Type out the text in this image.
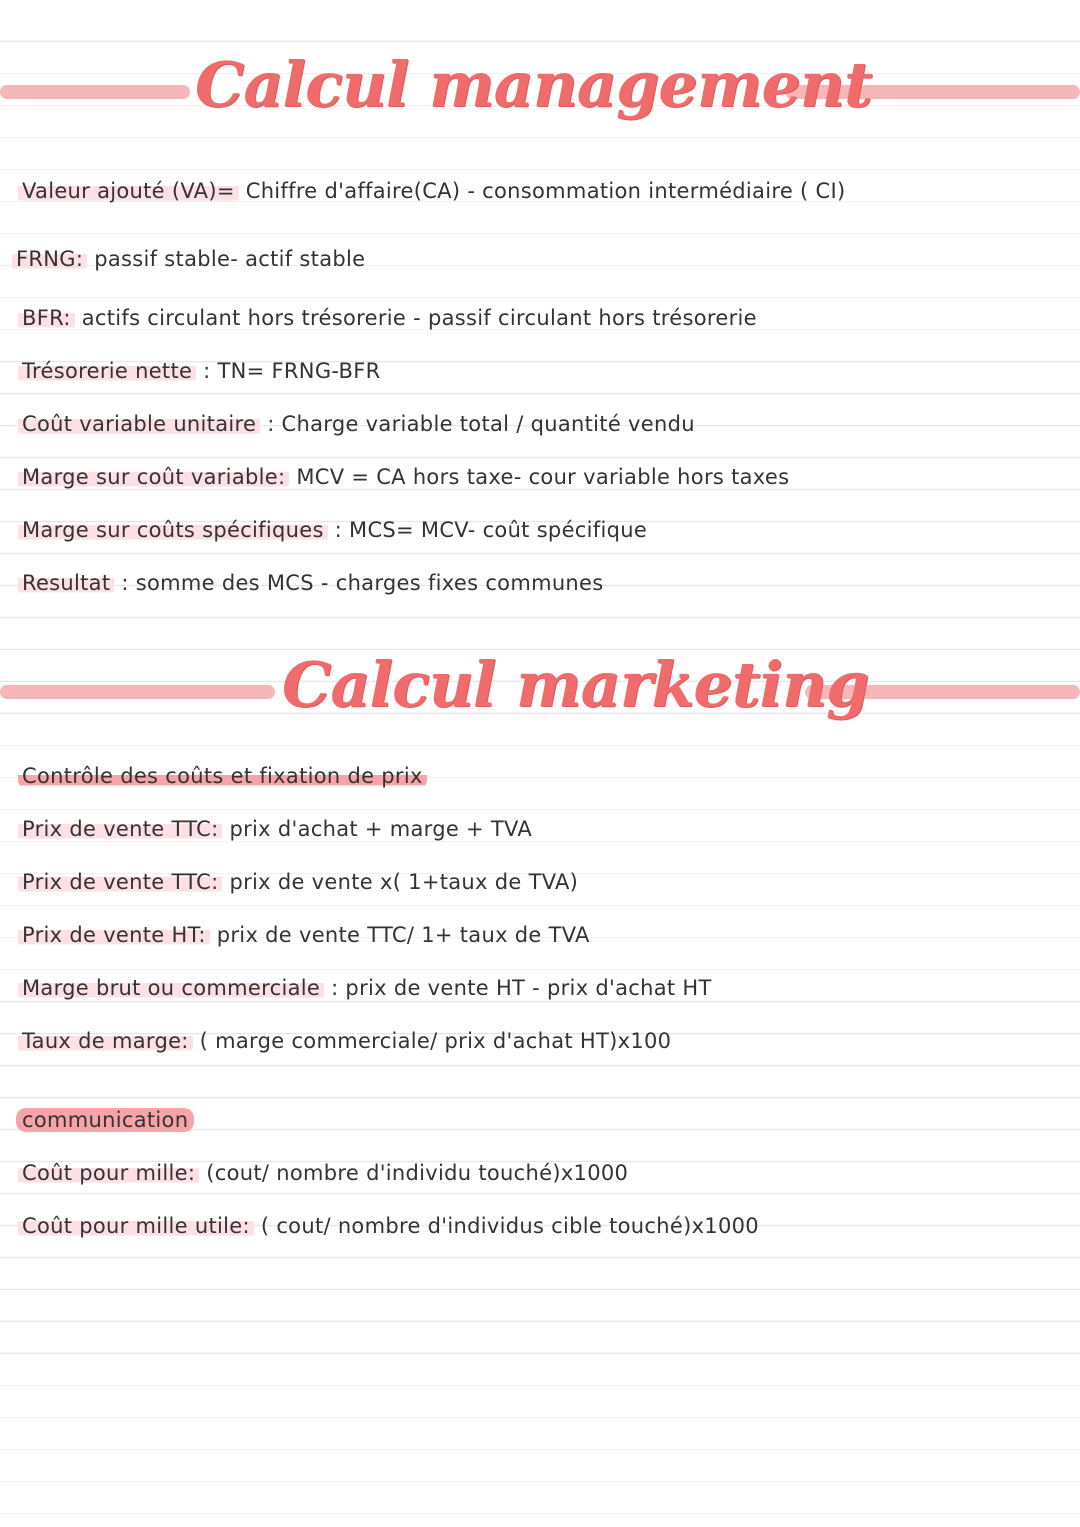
Calcul management
Valeur ajouté (VA)= Chiffre d'affaire(CA) - consommation intermédiaire ( CI)
FRNG: passif stable- actif stable
BFR: actifs circulant hors trésorerie - passif circulant hors trésorerie
Trésorerie nette : TN= FRNG-BFR
Coût variable unitaire : Charge variable total / quantité vendu
Marge sur coût variable: MCV = CA hors taxe- cour variable hors taxes
Marge sur coûts spécifiques : MCS= MCV- coût spécifique
Resultat : somme des MCS - charges fixes communes
Calcul marketing
Contrôle des coûts et fixation de prix
Prix de vente TTC: prix d'achat + marge + TVA
Prix de vente TTC: prix de vente x( 1+taux de TVA)
Prix de vente HT: prix de vente TTC/ 1+ taux de TVA
Marge brut ou commerciale : prix de vente HT - prix d'achat HT
Taux de marge: ( marge commerciale/ prix d'achat HT)x100
communication
Coût pour mille: (cout/ nombre d'individu touché)x1000
Coût pour mille utile: ( cout/ nombre d'individus cible touché)x1000
